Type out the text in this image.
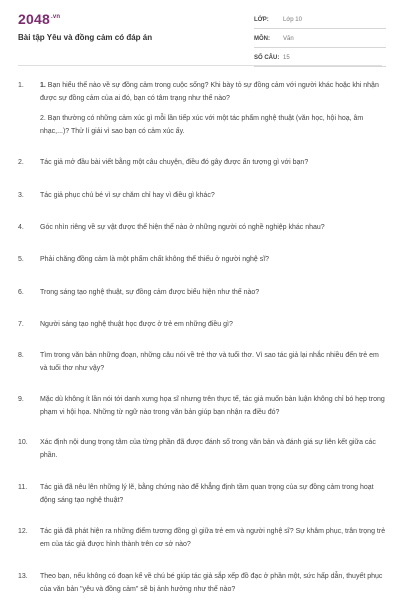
$2048^{.vn}$
Bài tập Yêu và đồng cảm có đáp án
LỚP:	Lớp 10
MÔN:	Văn
SỐ CÂU: 15
1.	1. Bạn hiểu thế nào về sự đồng cảm trong cuộc sống? Khi bày tỏ sự đồng cảm với người khác hoặc khi nhận được sự đồng cảm của ai đó, bạn có tâm trạng như thế nào?

2. Bạn thường có những cảm xúc gì mỗi lần tiếp xúc với một tác phẩm nghệ thuật (văn học, hội hoạ, âm nhạc,...)? Thử lí giải vì sao bạn có cảm xúc ấy.

2.	Tác giả mở đầu bài viết bằng một câu chuyện, điều đó gây được ấn tượng gì với bạn?
3.	Tác giả phục chú bé vì sự chăm chỉ hay vì điều gì khác?
4.	Góc nhìn riêng về sự vật được thể hiện thế nào ở những người có nghề nghiệp khác nhau?
5.	Phải chăng đồng cảm là một phẩm chất không thể thiếu ở người nghệ sĩ?
6.	Trong sáng tạo nghệ thuật, sự đồng cảm được biểu hiện như thế nào?
7.	Người sáng tạo nghệ thuật học được ở trẻ em những điều gì?
8.	Tìm trong văn bản những đoạn, những câu nói về trẻ thơ và tuổi thơ. Vì sao tác giả lại nhắc nhiều đến trẻ em và tuổi thơ như vậy?
9.	Mặc dù không ít lần nói tới danh xưng họa sĩ nhưng trên thực tế, tác giả muốn bàn luận không chỉ bó hẹp trong phạm vi hội họa. Những từ ngữ nào trong văn bản giúp bạn nhận ra điều đó?
10.	Xác định nội dung trọng tâm của từng phần đã được đánh số trong văn bản và đánh giá sự liên kết giữa các phần.
11.	Tác giả đã nêu lên những lý lẽ, bằng chứng nào để khẳng định tầm quan trọng của sự đồng cảm trong hoạt động sáng tạo nghệ thuật?
12.	Tác giả đã phát hiện ra những điểm tương đồng gì giữa trẻ em và người nghệ sĩ? Sự khâm phục, trân trọng trẻ em của tác giả được hình thành trên cơ sở nào?
13.	Theo bạn, nếu không có đoạn kể về chú bé giúp tác giả sắp xếp đồ đạc ở phần một, sức hấp dẫn, thuyết phục của văn bản "yêu và đồng cảm" sẽ bị ảnh hưởng như thế nào?
